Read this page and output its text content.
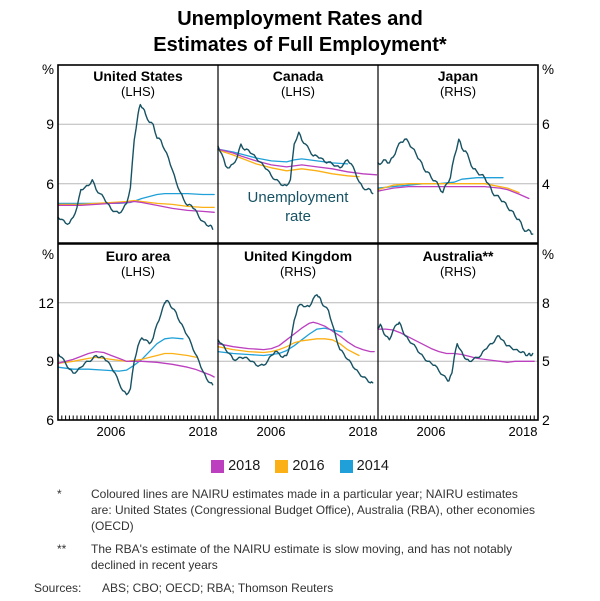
Unemployment Rates and
Estimates of Full Employment*
United States
(LHS)
Canada
(LHS)
Japan
(RHS)
Euro area
(LHS)
United Kingdom
(RHS)
Australia**
(RHS)
Unemployment
rate
%	%
9
6
6
4
%	%
12
9
6
8
5
2
2006	2018	2006	2018	2006	2018
2018 2016 2014
*	Coloured lines are NAIRU estimates made in a particular year; NAIRU estimates are: United States (Congressional Budget Office), Australia (RBA), other economies (OECD)
**	The RBA's estimate of the NAIRU estimate is slow moving, and has not notably declined in recent years
Sources:	ABS; CBO; OECD; RBA; Thomson Reuters
